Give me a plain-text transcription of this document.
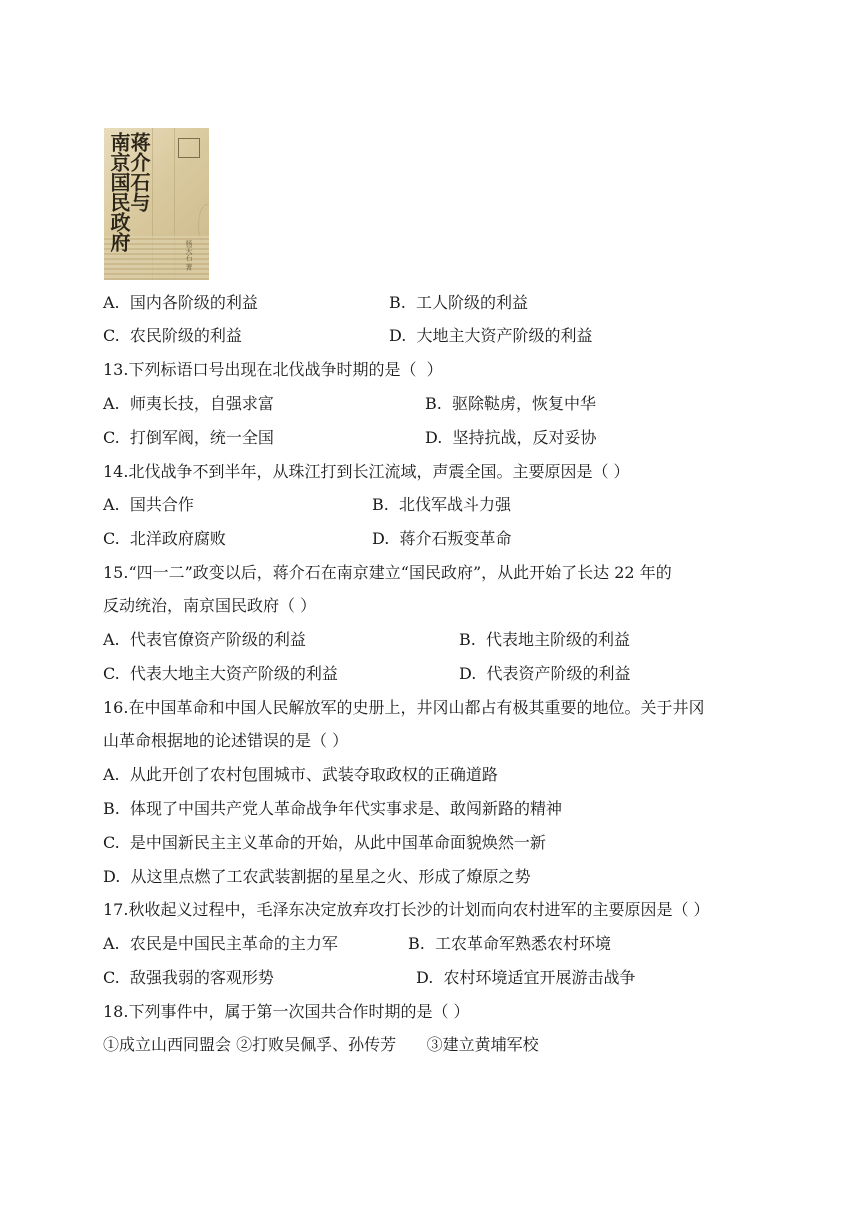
蒋介石与
南京国民政府
杨天石 著
A.  国内各阶级的利益	B.  工人阶级的利益
C.  农民阶级的利益	D.  大地主大资产阶级的利益
13.下列标语口号出现在北伐战争时期的是（  ）
A.  师夷长技，自强求富	B.  驱除鞑虏，恢复中华
C.  打倒军阀，统一全国	D.  坚持抗战，反对妥协
14.北伐战争不到半年，从珠江打到长江流域，声震全国。主要原因是（ ）
A.  国共合作	B.  北伐军战斗力强
C.  北洋政府腐败	D.  蒋介石叛变革命
15.“四一二”政变以后，蒋介石在南京建立“国民政府”，从此开始了长达 22 年的
反动统治，南京国民政府（ ）
A.  代表官僚资产阶级的利益	B.  代表地主阶级的利益
C.  代表大地主大资产阶级的利益	D.  代表资产阶级的利益
16.在中国革命和中国人民解放军的史册上，井冈山都占有极其重要的地位。关于井冈
山革命根据地的论述错误的是（ ）
A.  从此开创了农村包围城市、武装夺取政权的正确道路
B.  体现了中国共产党人革命战争年代实事求是、敢闯新路的精神
C.  是中国新民主主义革命的开始，从此中国革命面貌焕然一新
D.  从这里点燃了工农武装割据的星星之火、形成了燎原之势
17.秋收起义过程中，毛泽东决定放弃攻打长沙的计划而向农村进军的主要原因是（ ）
A.  农民是中国民主革命的主力军	B.  工农革命军熟悉农村环境
C.  敌强我弱的客观形势	D.  农村环境适宜开展游击战争
18.下列事件中，属于第一次国共合作时期的是（ ）
①成立山西同盟会 ②打败吴佩孚、孙传芳      ③建立黄埔军校
